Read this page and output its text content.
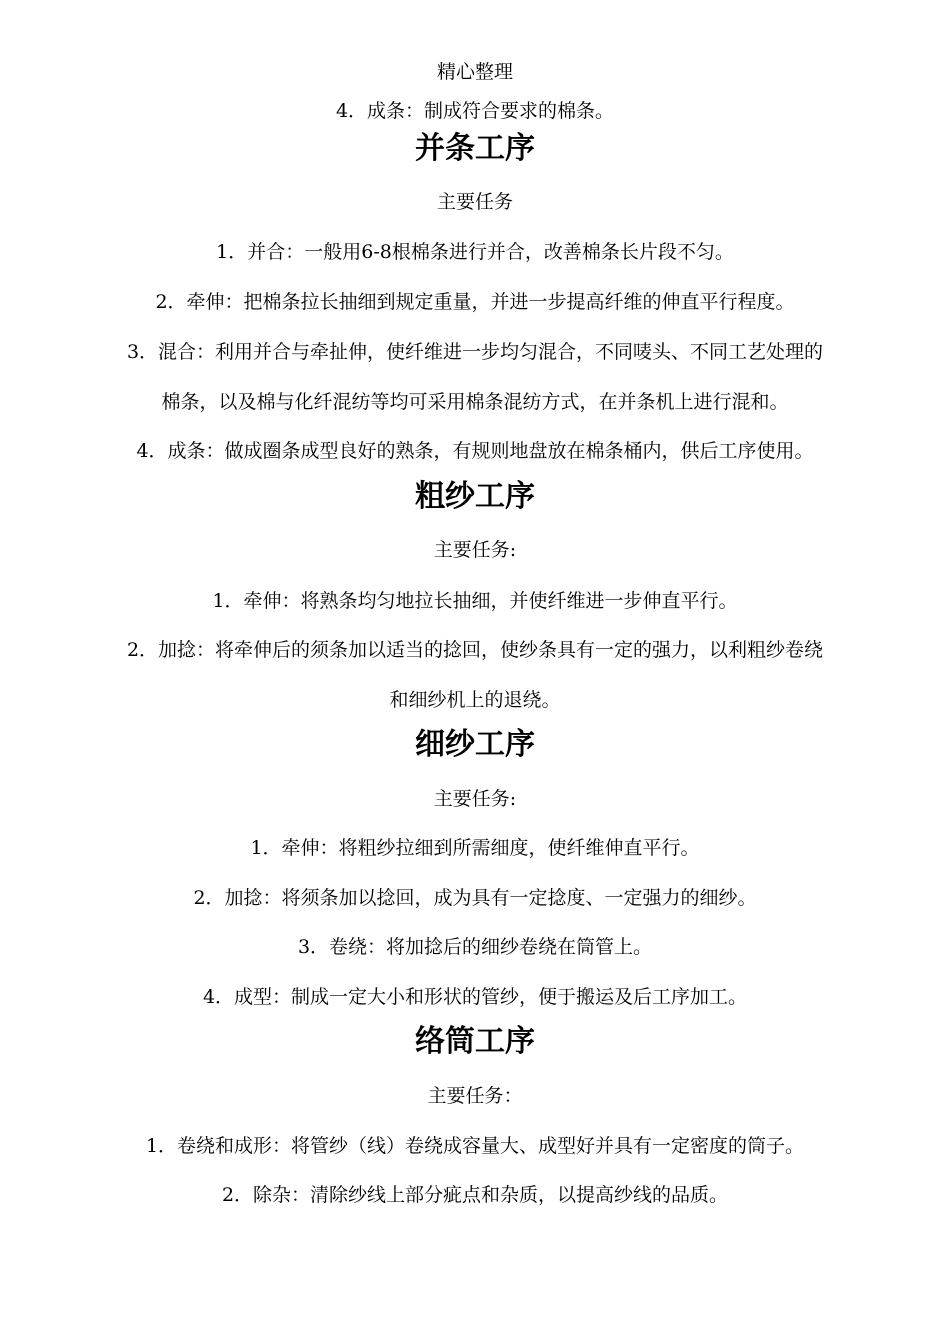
精心整理
4．成条：制成符合要求的棉条。
并条工序
主要任务
1．并合：一般用6-8根棉条进行并合，改善棉条长片段不匀。
2．牵伸：把棉条拉长抽细到规定重量，并进一步提高纤维的伸直平行程度。
3．混合：利用并合与牵扯伸，使纤维进一步均匀混合，不同唛头、不同工艺处理的
棉条，以及棉与化纤混纺等均可采用棉条混纺方式，在并条机上进行混和。
4．成条：做成圈条成型良好的熟条，有规则地盘放在棉条桶内，供后工序使用。
粗纱工序
主要任务:
1．牵伸：将熟条均匀地拉长抽细，并使纤维进一步伸直平行。
2．加捻：将牵伸后的须条加以适当的捻回，使纱条具有一定的强力，以利粗纱卷绕
和细纱机上的退绕。
细纱工序
主要任务:
1．牵伸：将粗纱拉细到所需细度，使纤维伸直平行。
2．加捻：将须条加以捻回，成为具有一定捻度、一定强力的细纱。
3．卷绕：将加捻后的细纱卷绕在筒管上。
4．成型：制成一定大小和形状的管纱，便于搬运及后工序加工。
络筒工序
主要任务：
1．卷绕和成形：将管纱（线）卷绕成容量大、成型好并具有一定密度的筒子。
2．除杂：清除纱线上部分疵点和杂质，以提高纱线的品质。
